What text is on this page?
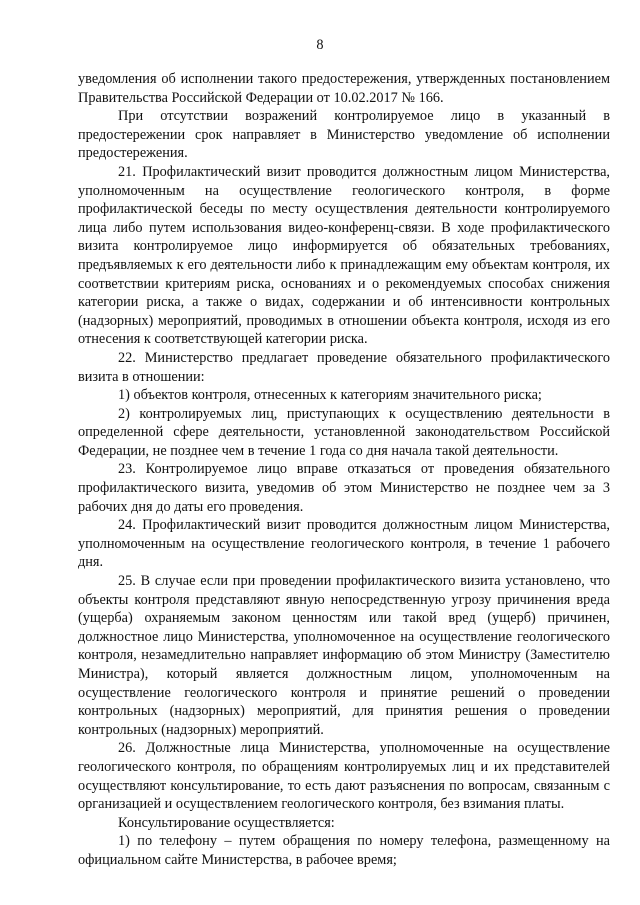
8

уведомления об исполнении такого предостережения, утвержденных постановлением Правительства Российской Федерации от 10.02.2017 № 166.

При отсутствии возражений контролируемое лицо в указанный в предостережении срок направляет в Министерство уведомление об исполнении предостережения.

21. Профилактический визит проводится должностным лицом Министерства, уполномоченным на осуществление геологического контроля, в форме профилактической беседы по месту осуществления деятельности контролируемого лица либо путем использования видео-конференц-связи. В ходе профилактического визита контролируемое лицо информируется об обязательных требованиях, предъявляемых к его деятельности либо к принадлежащим ему объектам контроля, их соответствии критериям риска, основаниях и о рекомендуемых способах снижения категории риска, а также о видах, содержании и об интенсивности контрольных (надзорных) мероприятий, проводимых в отношении объекта контроля, исходя из его отнесения к соответствующей категории риска.

22. Министерство предлагает проведение обязательного профилактического визита в отношении:

1) объектов контроля, отнесенных к категориям значительного риска;

2) контролируемых лиц, приступающих к осуществлению деятельности в определенной сфере деятельности, установленной законодательством Российской Федерации, не позднее чем в течение 1 года со дня начала такой деятельности.

23. Контролируемое лицо вправе отказаться от проведения обязательного профилактического визита, уведомив об этом Министерство не позднее чем за 3 рабочих дня до даты его проведения.

24. Профилактический визит проводится должностным лицом Министерства, уполномоченным на осуществление геологического контроля, в течение 1 рабочего дня.

25. В случае если при проведении профилактического визита установлено, что объекты контроля представляют явную непосредственную угрозу причинения вреда (ущерба) охраняемым законом ценностям или такой вред (ущерб) причинен, должностное лицо Министерства, уполномоченное на осуществление геологического контроля, незамедлительно направляет информацию об этом Министру (Заместителю Министра), который является должностным лицом, уполномоченным на осуществление геологического контроля и принятие решений о проведении контрольных (надзорных) мероприятий, для принятия решения о проведении контрольных (надзорных) мероприятий.

26. Должностные лица Министерства, уполномоченные на осуществление геологического контроля, по обращениям контролируемых лиц и их представителей осуществляют консультирование, то есть дают разъяснения по вопросам, связанным с организацией и осуществлением геологического контроля, без взимания платы.

Консультирование осуществляется:

1) по телефону – путем обращения по номеру телефона, размещенному на официальном сайте Министерства, в рабочее время;
